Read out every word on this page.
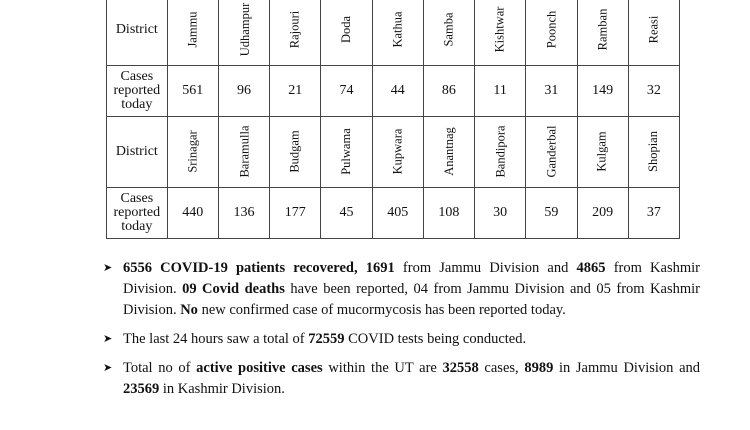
District	Jammu	Udhampur	Rajouri	Doda	Kathua	Samba	Kishtwar	Poonch	Ramban	Reasi
Cases reported today	561	96	21	74	44	86	11	31	149	32
District	Srinagar	Baramulla	Budgam	Pulwama	Kupwara	Anantnag	Bandipora	Ganderbal	Kulgam	Shopian
Cases reported today	440	136	177	45	405	108	30	59	209	37
➤ 6556 COVID-19 patients recovered, 1691 from Jammu Division and 4865 from Kashmir Division. 09 Covid deaths have been reported, 04 from Jammu Division and 05 from Kashmir Division. No new confirmed case of mucormycosis has been reported today.
➤ The last 24 hours saw a total of 72559 COVID tests being conducted.
➤ Total no of active positive cases within the UT are 32558 cases, 8989 in Jammu Division and 23569 in Kashmir Division.
